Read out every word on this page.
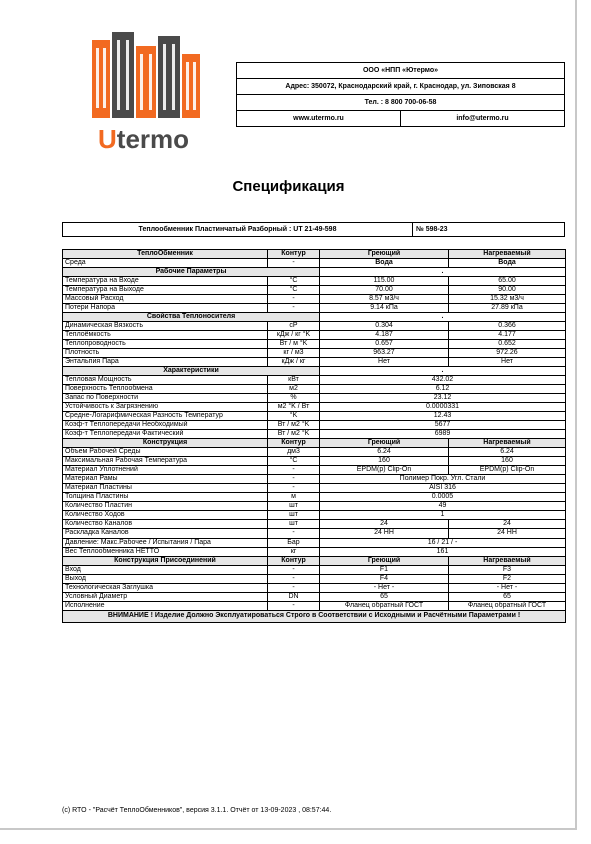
Utermo
ООО «НПП «Ютермо»
Адрес: 350072, Краснодарский край, г. Краснодар, ул. Зиповская 8
Тел. : 8 800 700-06-58
www.utermo.ru	info@utermo.ru
Спецификация
Теплообменник Пластинчатый Разборный : UT 21-49-598	№ 598-23
ТеплоОбменник	Контур	Греющий	Нагреваемый
Среда	-	Вода	Вода
Рабочие Параметры		.	
Температура на Входе	°C	115.00	65.00
Температура на Выходе	°C	70.00	90.00
Массовый Расход	-	8.57 м3/ч	15.32 м3/ч
Потери Напора	-	9.14 кПа	27.89 кПа
Свойства Теплоносителя		.	
Динамическая Вязкость	cP	0.304	0.366
Теплоёмкость	кДж / кг °K	4.187	4.177
Теплопроводность	Вт / м °K	0.657	0.652
Плотность	кг / м3	963.27	972.26
Энтальпия Пара	кДж / кг	Нет	Нет
Характеристики		.	
Тепловая Мощность	кВт	432.02	
Поверхность Теплообмена	м2	6.12	
Запас по Поверхности	%	23.12	
Устойчивость к Загрязнению	м2 °K / Вт	0.0000331	
Средне-Логарифмическая Разность Температур	°K	12.43	
Коэф-т Теплопередачи Необходимый	Вт / м2 °K	5677	
Коэф-т Теплопередачи Фактический	Вт / м2 °K	6989	
Конструкция	Контур	Греющий	Нагреваемый
Объем Рабочей Среды	дм3	6.24	6.24
Максимальная Рабочая Температура	°C	160	160
Материал Уплотнений	-	EPDM(p) Clip-On	EPDM(p) Clip-On
Материал Рамы	-	Полимер Покр. Угл. Стали	
Материал Пластины	-	AISI 316	
Толщина Пластины	м	0.0005	
Количество Пластин	шт	49	
Количество Ходов	шт	1	
Количество Каналов	шт	24	24
Раскладка Каналов	-	24 HH	24 HH
Давление: Макс.Рабочее / Испытания / Пара	Бар	16 / 21 / -	
Вес Теплообменника НЕТТО	кг	161	
Конструкция Присоединений	Контур	Греющий	Нагреваемый
Вход	-	F1	F3
Выход	-	F4	F2
Технологическая Заглушка	-	- Нет -	- Нет -
Условный Диаметр	DN	65	65
Исполнение	-	Фланец обратный ГОСТ	Фланец обратный ГОСТ
ВНИМАНИЕ ! Изделие Должно Эксплуатироваться Строго в Соответствии с Исходными и Расчётными Параметрами !			
(c) RTO - "Расчёт ТеплоОбменников", версия 3.1.1. Отчёт от 13-09-2023 , 08:57:44.
